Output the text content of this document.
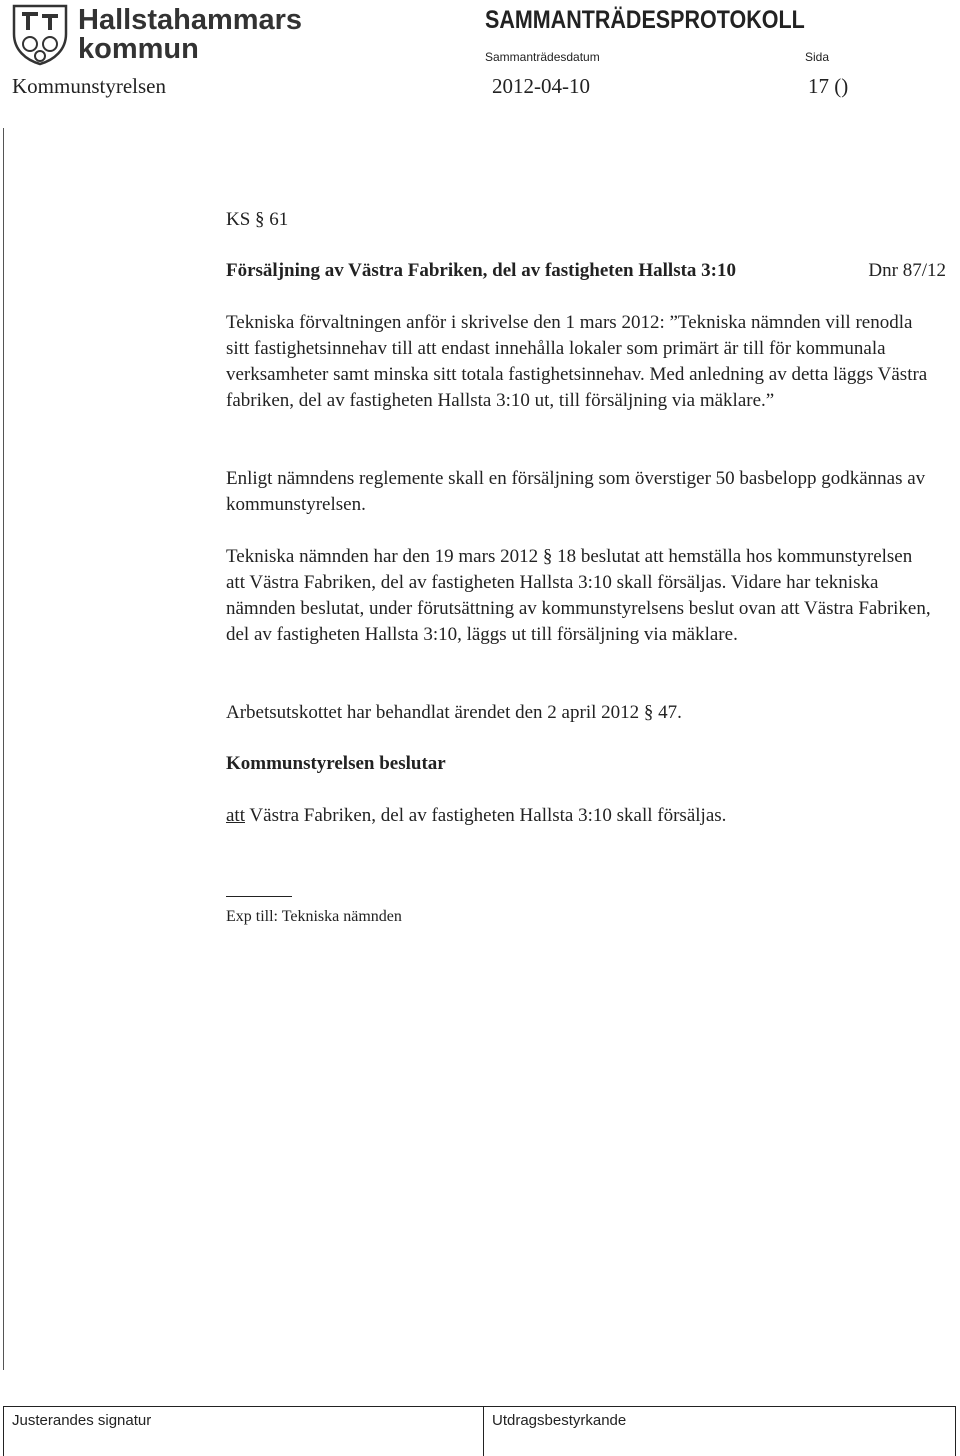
Hallstahammars
kommun
SAMMANTRÄDESPROTOKOLL
Sammanträdesdatum	Sida
Kommunstyrelsen	2012-04-10	17 ()
KS § 61
Försäljning av Västra Fabriken, del av fastigheten Hallsta 3:10	Dnr 87/12

Tekniska förvaltningen anför i skrivelse den 1 mars 2012: ”Tekniska nämnden vill renodla sitt fastighetsinnehav till att endast innehålla lokaler som primärt är till för kommunala verksamheter samt minska sitt totala fastighetsinnehav. Med anledning av detta läggs Västra fabriken, del av fastigheten Hallsta 3:10 ut, till försäljning via mäklare.”

Enligt nämndens reglemente skall en försäljning som överstiger 50 basbelopp godkännas av kommunstyrelsen.

Tekniska nämnden har den 19 mars 2012 § 18 beslutat att hemställa hos kommunstyrelsen att Västra Fabriken, del av fastigheten Hallsta 3:10 skall försäljas. Vidare har tekniska nämnden beslutat, under förutsättning av kommunstyrelsens beslut ovan att Västra Fabriken, del av fastigheten Hallsta 3:10, läggs ut till försäljning via mäklare.

Arbetsutskottet har behandlat ärendet den 2 april 2012 § 47.

Kommunstyrelsen beslutar
att Västra Fabriken, del av fastigheten Hallsta 3:10 skall försäljas.
Exp till: Tekniska nämnden
Justerandes signatur	Utdragsbestyrkande
